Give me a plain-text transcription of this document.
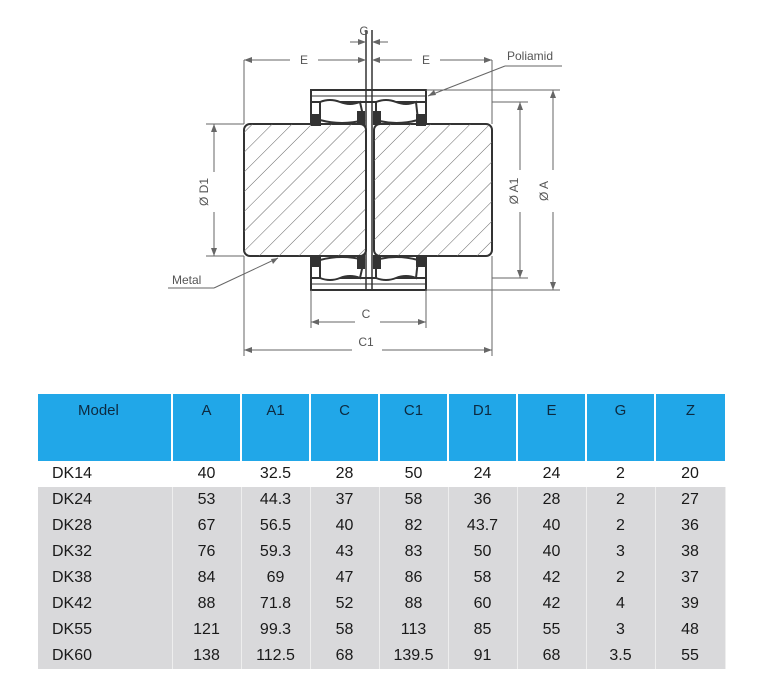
G
E	E	Poliamid
Metal
Ø D1	Ø A1 Ø A
C
C1
Model	A	A1	C	C1	D1	E	G	Z
DK14	40	32.5	28	50	24	24	2	20
DK24	53	44.3	37	58	36	28	2	27
DK28	67	56.5	40	82	43.7	40	2	36
DK32	76	59.3	43	83	50	40	3	38
DK38	84	69	47	86	58	42	2	37
DK42	88	71.8	52	88	60	42	4	39
DK55	121	99.3	58	113	85	55	3	48
DK60	138	112.5	68	139.5	91	68	3.5	55
